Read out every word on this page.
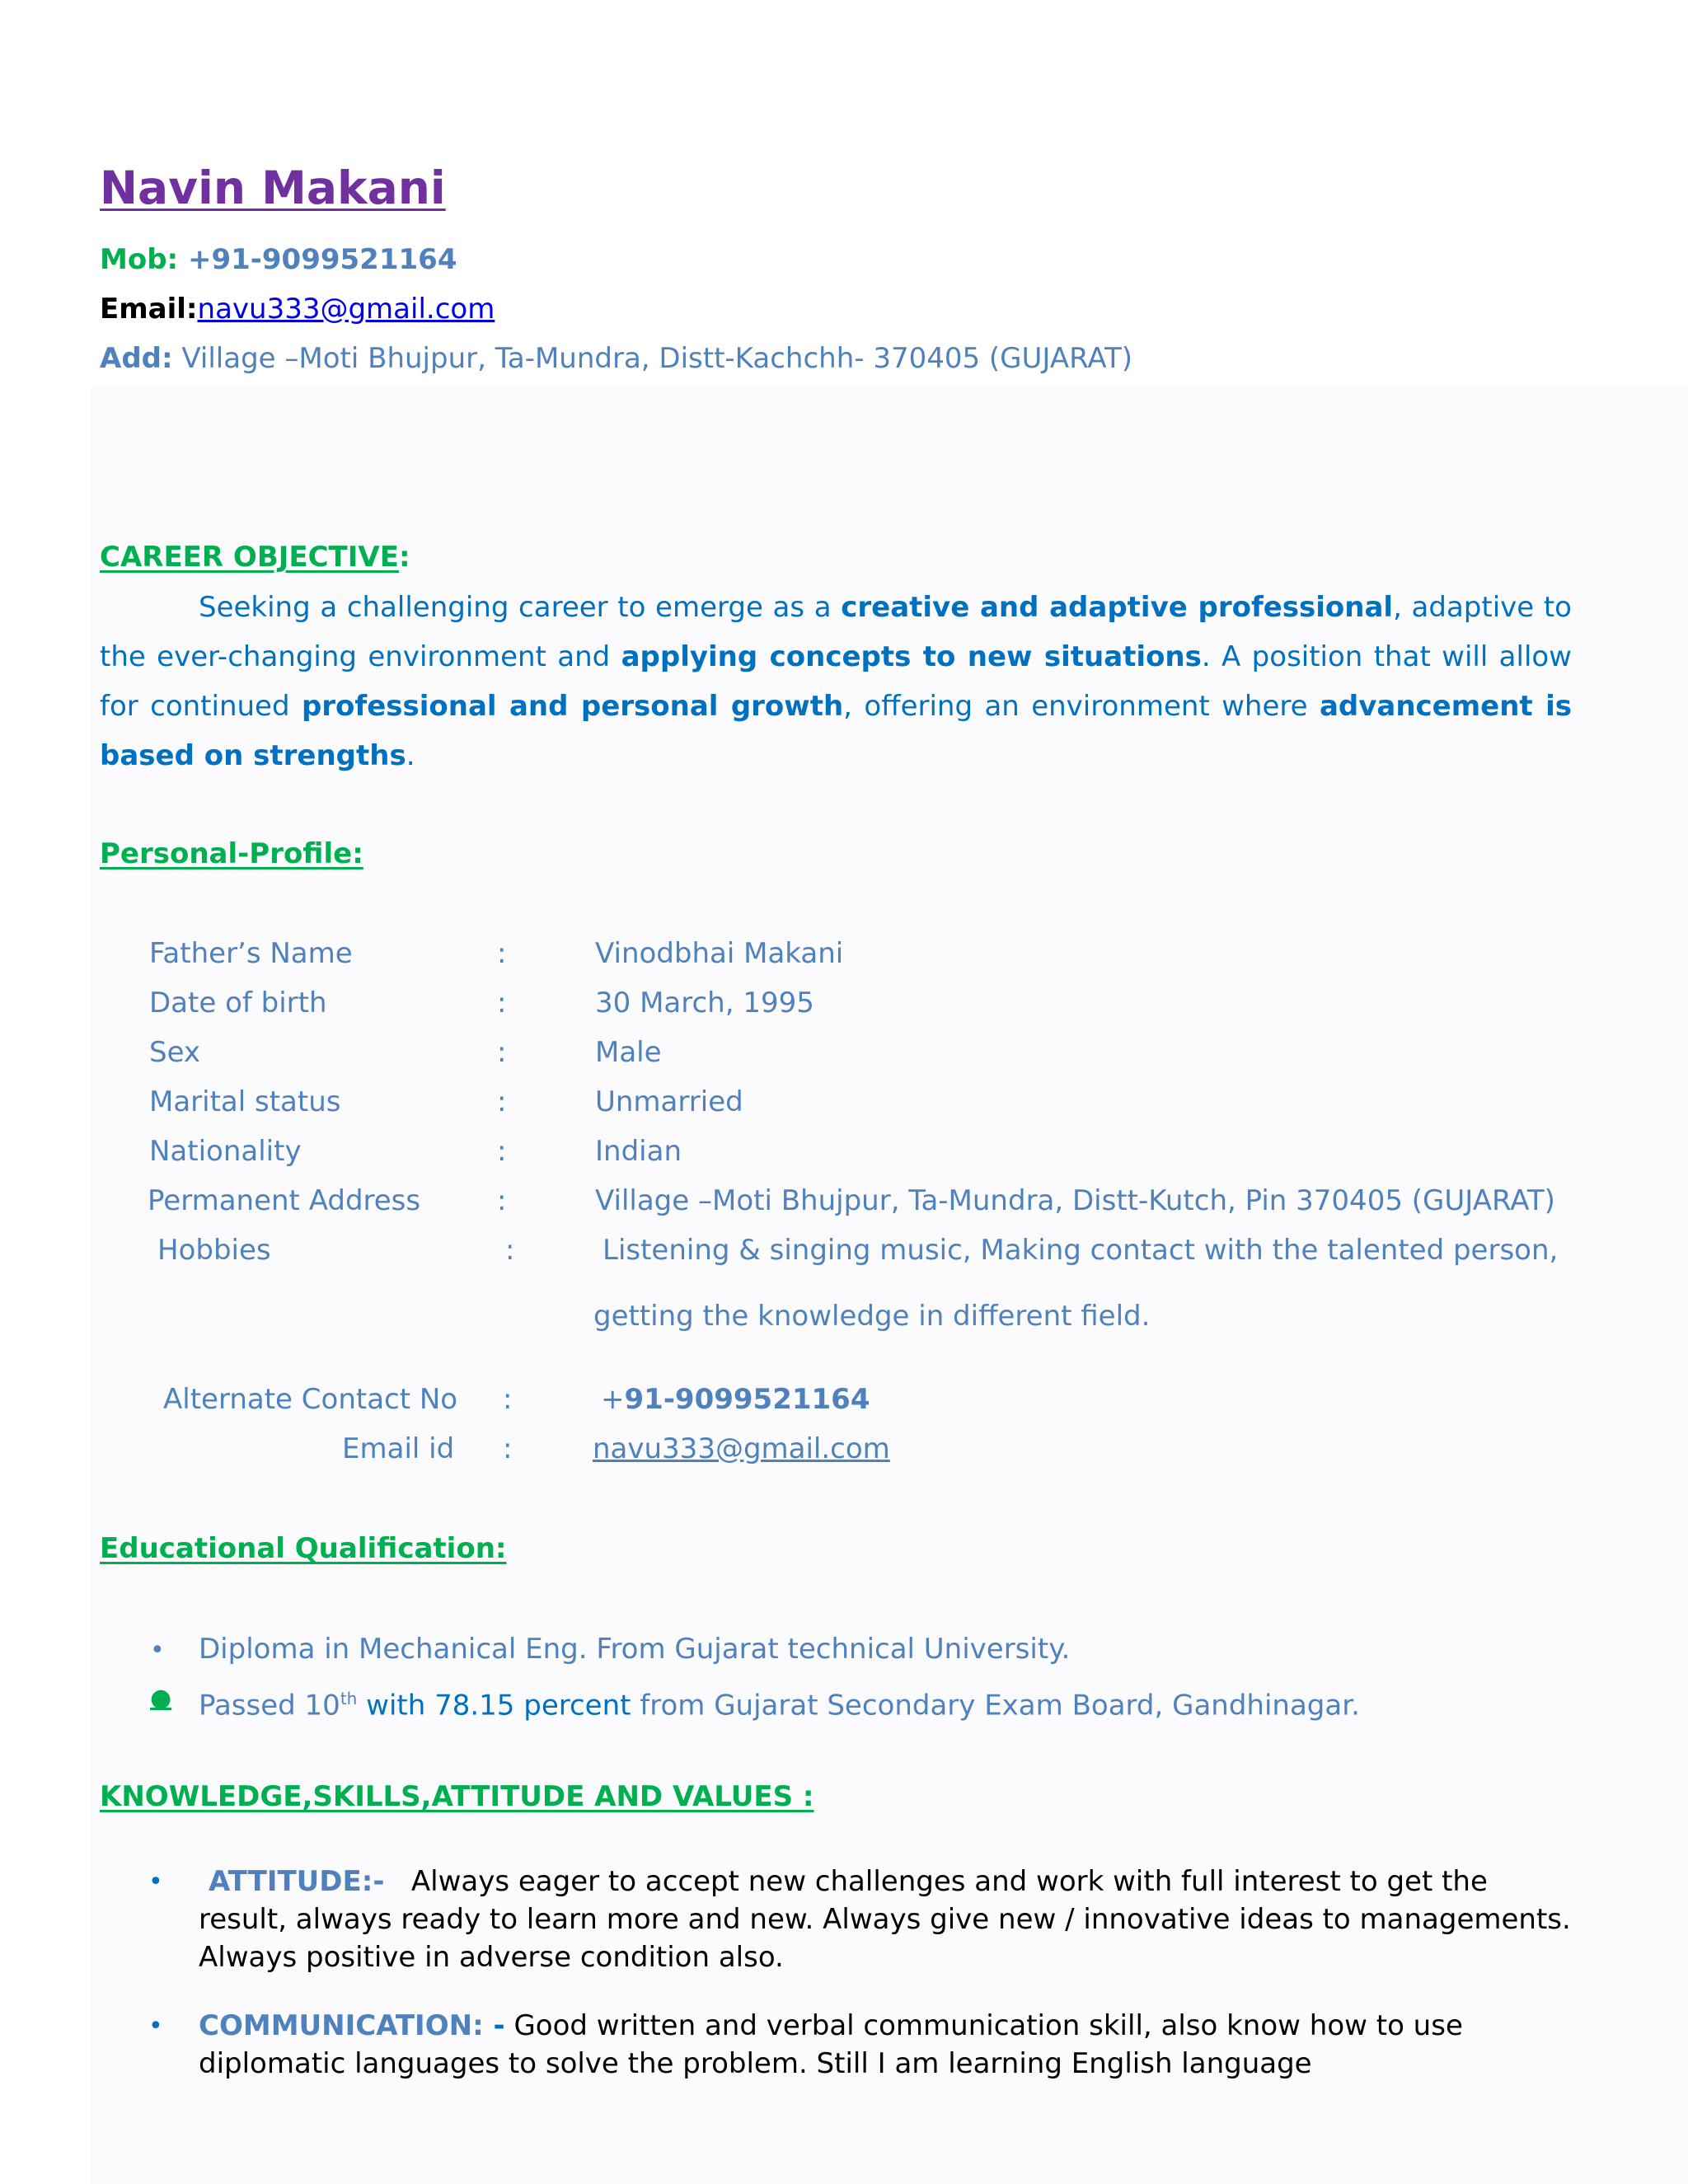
Navin Makani
Mob: +91-9099521164
Email:navu333@gmail.com
Add: Village –Moti Bhujpur, Ta-Mundra, Distt-Kachchh- 370405 (GUJARAT)
CAREER OBJECTIVE:
Seeking a challenging career to emerge as a creative and adaptive professional, adaptive to the ever-changing environment and applying concepts to new situations. A position that will allow for continued professional and personal growth, offering an environment where advancement is based on strengths.
Personal-Profile:
Father’s Name	:	Vinodbhai Makani
Date of birth	:	30 March, 1995
Sex	:	Male
Marital status	:	Unmarried
Nationality	:	Indian
Permanent Address	:	Village –Moti Bhujpur, Ta-Mundra, Distt-Kutch, Pin 370405 (GUJARAT)
Hobbies	:	Listening & singing music, Making contact with the talented person,
getting the knowledge in different field.
Alternate Contact No :	+91-9099521164
Email id :	navu333@gmail.com
Educational Qualification:
• Diploma in Mechanical Eng. From Gujarat technical University.
● Passed 10th with 78.15 percent from Gujarat Secondary Exam Board, Gandhinagar.
KNOWLEDGE,SKILLS,ATTITUDE AND VALUES :
•	ATTITUDE:- Always eager to accept new challenges and work with full interest to get the result, always ready to learn more and new. Always give new / innovative ideas to managements. Always positive in adverse condition also.
• COMMUNICATION: - Good written and verbal communication skill, also know how to use diplomatic languages to solve the problem. Still I am learning English language
